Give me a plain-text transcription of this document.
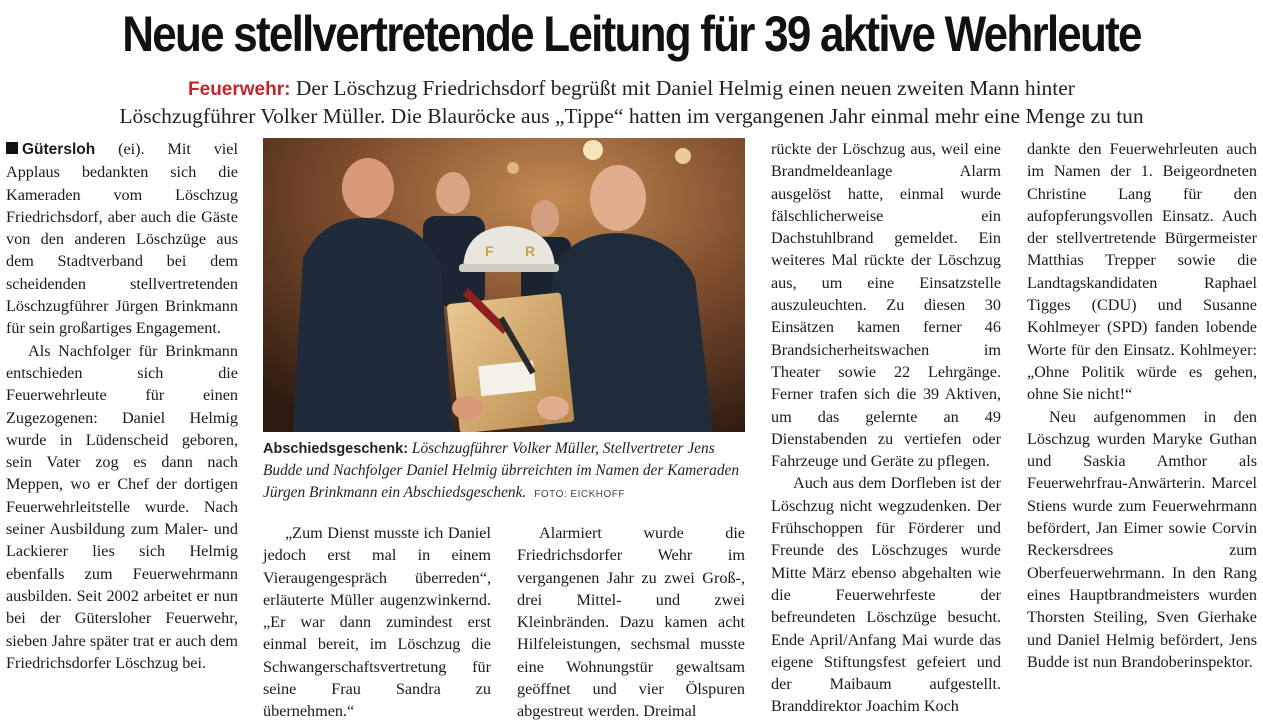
Neue stellvertretende Leitung für 39 aktive Wehrleute
Feuerwehr: Der Löschzug Friedrichsdorf begrüßt mit Daniel Helmig einen neuen zweiten Mann hinter
Löschzugführer Volker Müller. Die Blauröcke aus „Tippe“ hatten im vergangenen Jahr einmal mehr eine Menge zu tun

Gütersloh (ei). Mit viel Applaus bedankten sich die Kameraden vom Löschzug Friedrichsdorf, aber auch die Gäste von den anderen Löschzüge aus dem Stadtverband bei dem scheidenden stellvertretenden Löschzugführer Jürgen Brinkmann für sein großartiges Engagement.

Als Nachfolger für Brinkmann entschieden sich die Feuerwehrleute für einen Zugezogenen: Daniel Helmig wurde in Lüdenscheid geboren, sein Vater zog es dann nach Meppen, wo er Chef der dortigen Feuerwehrleitstelle wurde. Nach seiner Ausbildung zum Maler- und Lackierer lies sich Helmig ebenfalls zum Feuerwehrmann ausbilden. Seit 2002 arbeitet er nun bei der Gütersloher Feuerwehr, sieben Jahre später trat er auch dem Friedrichsdorfer Löschzug bei.

F R
Abschiedsgeschenk: Löschzugführer Volker Müller, Stellvertreter Jens Budde und Nachfolger Daniel Helmig übrreichten im Namen der Kameraden Jürgen Brinkmann ein Abschiedsgeschenk. FOTO: EICKHOFF

„Zum Dienst musste ich Daniel jedoch erst mal in einem Vieraugengespräch überreden“, erläuterte Müller augenzwinkernd. „Er war dann zumindest erst einmal bereit, im Löschzug die Schwangerschaftsvertretung für seine Frau Sandra zu übernehmen.“

Alarmiert wurde die Friedrichsdorfer Wehr im vergangenen Jahr zu zwei Groß-, drei Mittel- und zwei Kleinbränden. Dazu kamen acht Hilfeleistungen, sechsmal musste eine Wohnungstür gewaltsam geöffnet und vier Ölspuren abgestreut werden. Dreimal

rückte der Löschzug aus, weil eine Brandmeldeanlage Alarm ausgelöst hatte, einmal wurde fälschlicherweise ein Dachstuhlbrand gemeldet. Ein weiteres Mal rückte der Löschzug aus, um eine Einsatzstelle auszuleuchten. Zu diesen 30 Einsätzen kamen ferner 46 Brandsicherheitswachen im Theater sowie 22 Lehrgänge. Ferner trafen sich die 39 Aktiven, um das gelernte an 49 Dienstabenden zu vertiefen oder Fahrzeuge und Geräte zu pflegen.

Auch aus dem Dorfleben ist der Löschzug nicht wegzudenken. Der Frühschoppen für Förderer und Freunde des Löschzuges wurde Mitte März ebenso abgehalten wie die Feuerwehrfeste der befreundeten Löschzüge besucht. Ende April/Anfang Mai wurde das eigene Stiftungsfest gefeiert und der Maibaum aufgestellt. Branddirektor Joachim Koch

dankte den Feuerwehrleuten auch im Namen der 1. Beigeordneten Christine Lang für den aufopferungsvollen Einsatz. Auch der stellvertretende Bürgermeister Matthias Trepper sowie die Landtagskandidaten Raphael Tigges (CDU) und Susanne Kohlmeyer (SPD) fanden lobende Worte für den Einsatz. Kohlmeyer: „Ohne Politik würde es gehen, ohne Sie nicht!“

Neu aufgenommen in den Löschzug wurden Maryke Guthan und Saskia Amthor als Feuerwehrfrau-Anwärterin. Marcel Stiens wurde zum Feuerwehrmann befördert, Jan Eimer sowie Corvin Reckersdrees zum Oberfeuerwehrmann. In den Rang eines Hauptbrandmeisters wurden Thorsten Steiling, Sven Gierhake und Daniel Helmig befördert, Jens Budde ist nun Brandoberinspektor.
